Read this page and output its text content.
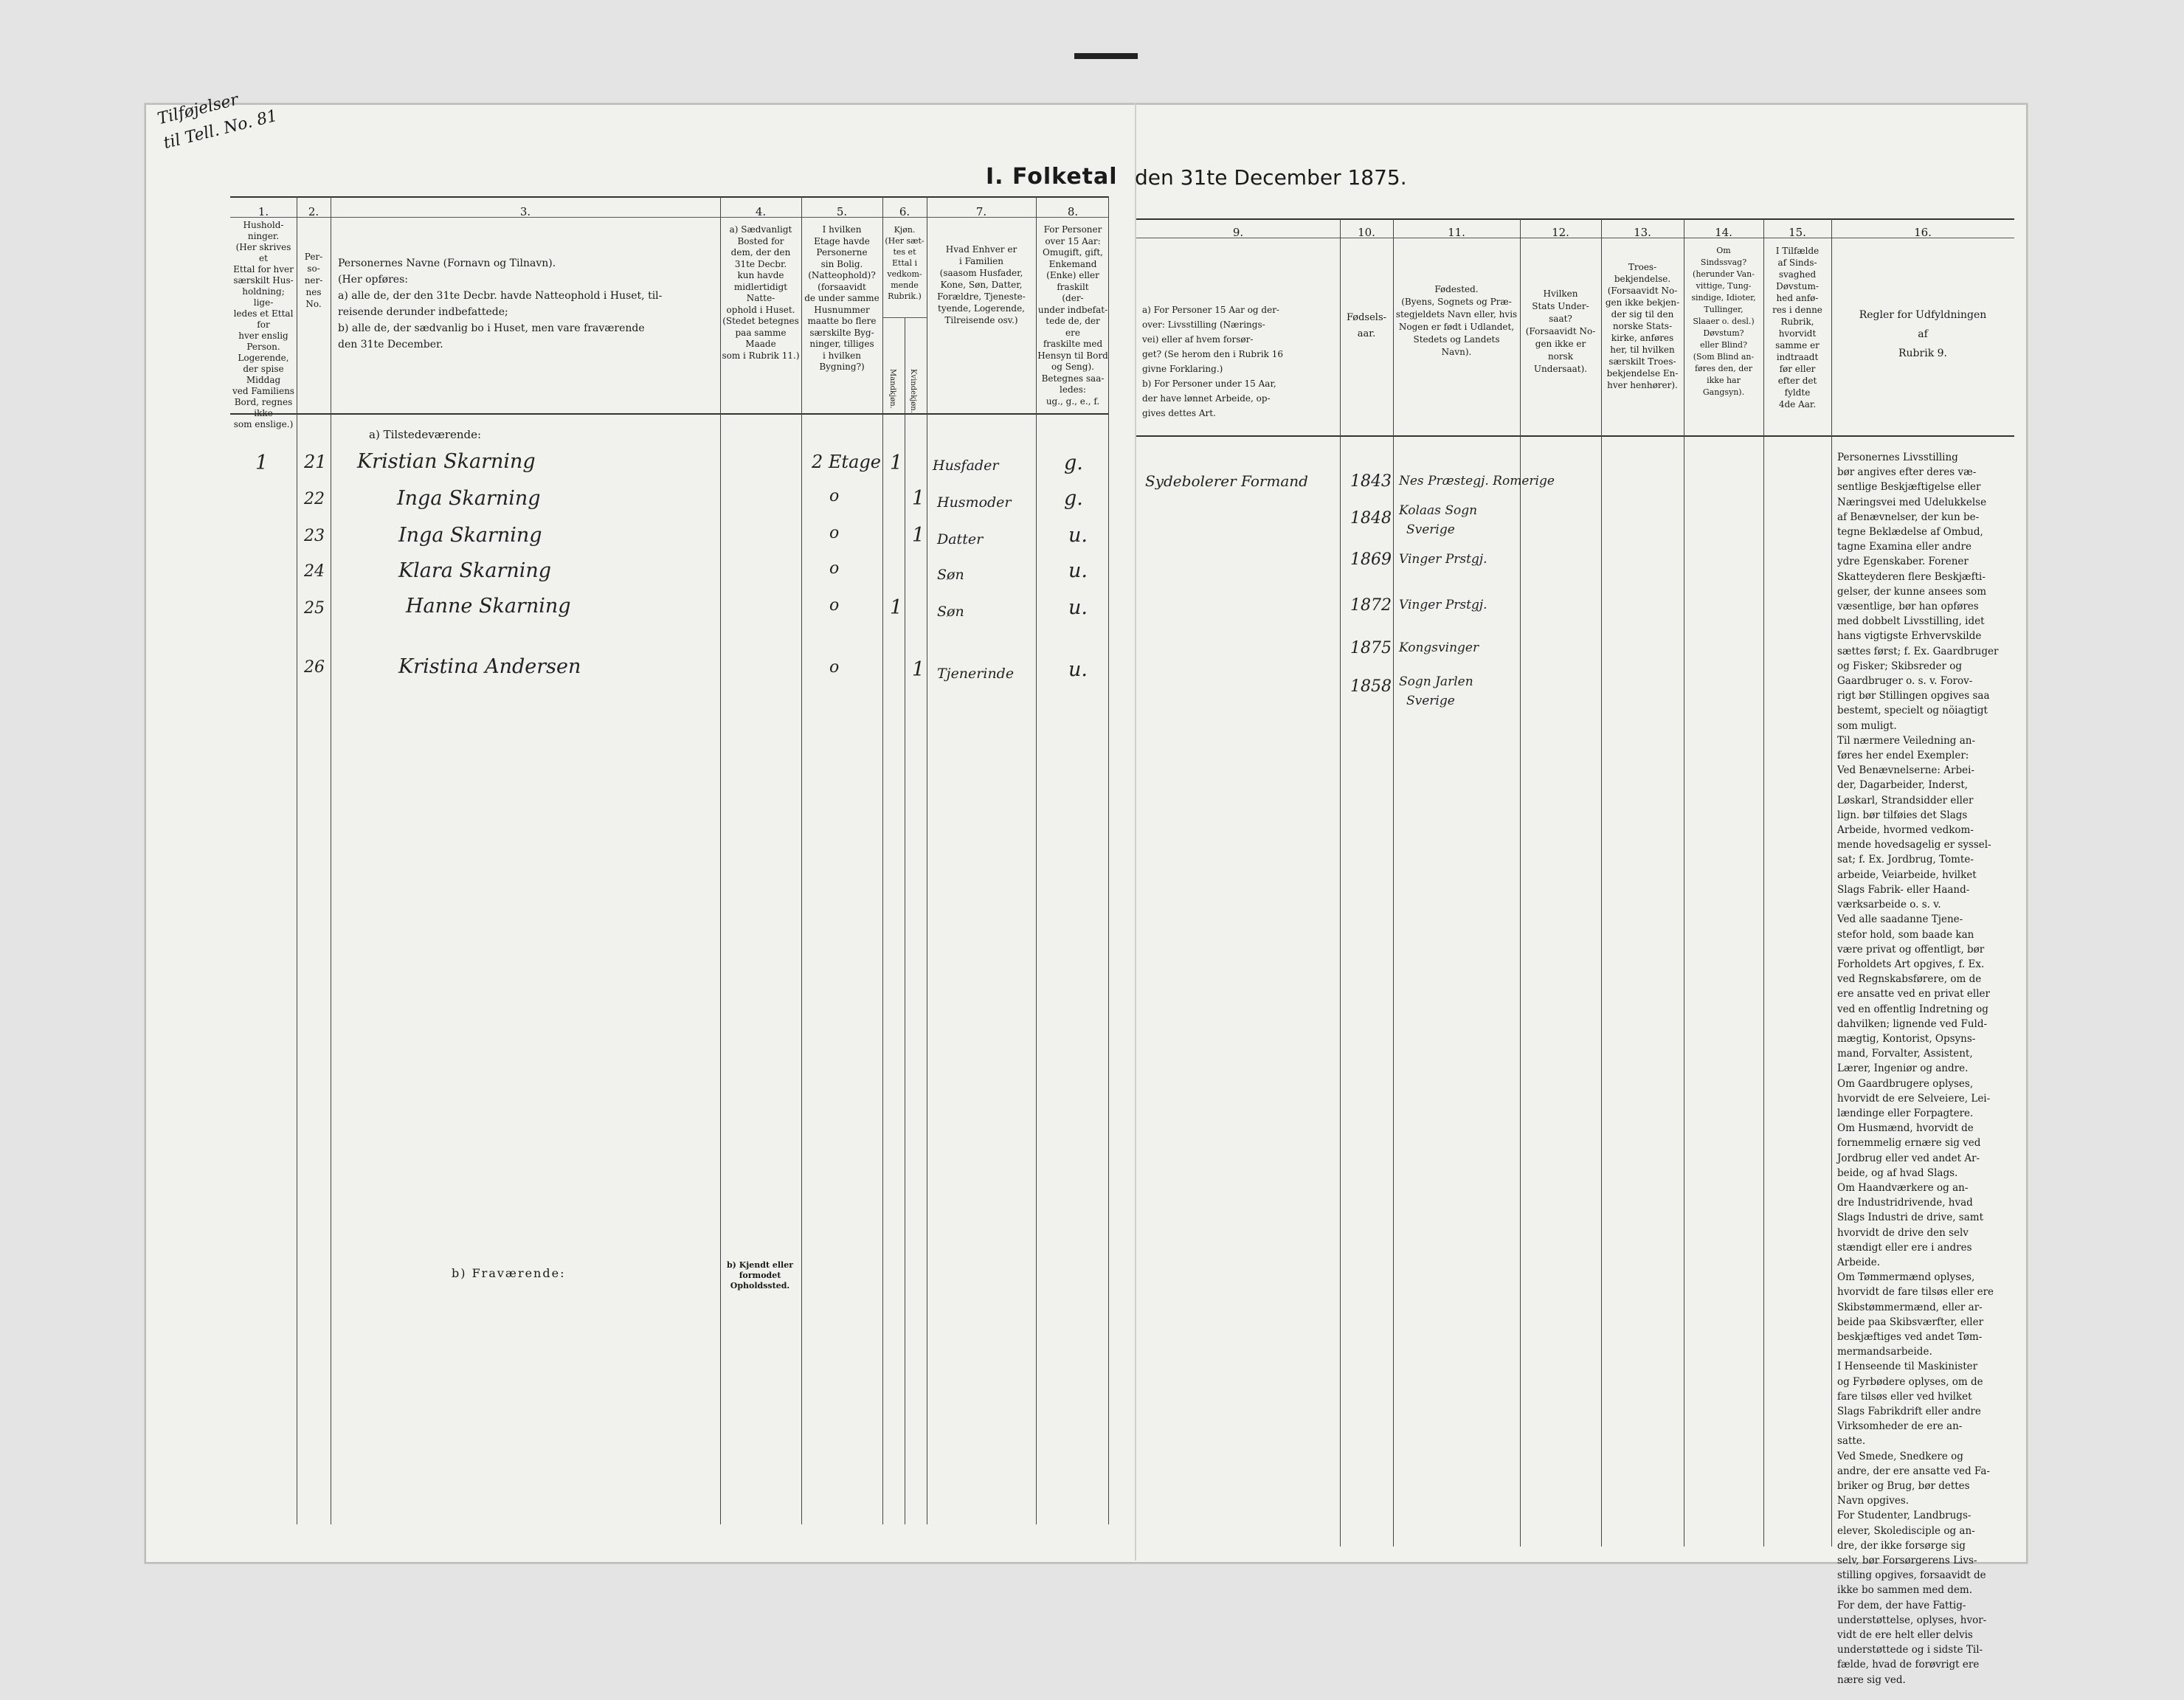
Tilføjelser
til Tell. No. 81
I. Folketal den 31te December 1875.
1.	2.	3.	4.	5.	6.	7.	8.
9.	10.	11.	12.	13.	14.	15.	16.
Hushold-
ninger.
(Her skrives et
Ettal for hver
særskilt Hus-
holdning; lige-
ledes et Ettal for
hver enslig
Person.
Logerende,
der spise Middag
ved Familiens
Bord, regnes ikke
som enslige.)
Per-
so-
ner-
nes
No.
Personernes Navne (Fornavn og Tilnavn).
(Her opføres:
a) alle de, der den 31te Decbr. havde Natteophold i Huset, til-
reisende derunder indbefattede;
b) alle de, der sædvanlig bo i Huset, men vare fraværende
den 31te December.
a) Sædvanligt
Bosted for
dem, der den
31te Decbr.
kun havde
midlertidigt
Natte-
ophold i Huset.
(Stedet betegnes
paa samme Maade
som i Rubrik 11.)
I hvilken
Etage havde
Personerne
sin Bolig.
(Natteophold)?
(forsaavidt
de under samme
Husnummer
maatte bo flere
særskilte Byg-
ninger, tilliges
i hvilken
Bygning?)
Kjøn.
(Her sæt-
tes et
Ettal i
vedkom-
mende
Rubrik.)
Mandkjøn. Kvindekjøn.
Hvad Enhver er
i Familien
(saasom Husfader,
Kone, Søn, Datter,
Forældre, Tjeneste-
tyende, Logerende,
Tilreisende osv.)
For Personer
over 15 Aar:
Omugift, gift,
Enkemand
(Enke) eller
fraskilt
(der-
under indbefat-
tede de, der ere
fraskilte med
Hensyn til Bord
og Seng).
Betegnes saa-
ledes:
ug., g., e., f.
a) For Personer 15 Aar og der-
over: Livsstilling (Nærings-
vei) eller af hvem forsør-
get? (Se herom den i Rubrik 16
givne Forklaring.)
b) For Personer under 15 Aar,
der have lønnet Arbeide, op-
gives dettes Art.
Fødsels-
aar.
Fødested.
(Byens, Sognets og Præ-
stegjeldets Navn eller, hvis
Nogen er født i Udlandet,
Stedets og Landets
Navn).
Hvilken
Stats Under-
saat?
(Forsaavidt No-
gen ikke er
norsk
Undersaat).
Troes-
bekjendelse.
(Forsaavidt No-
gen ikke bekjen-
der sig til den
norske Stats-
kirke, anføres
her, til hvilken
særskilt Troes-
bekjendelse En-
hver henhører).
Om
Sindssvag?
(herunder Van-
vittige, Tung-
sindige, Idioter,
Tullinger,
Slaaer o. desl.)
Døvstum?
eller Blind?
(Som Blind an-
føres den, der
ikke har
Gangsyn).
I Tilfælde
af Sinds-
svaghed
Døvstum-
hed anfø-
res i denne
Rubrik,
hvorvidt
samme er
indtraadt
før eller
efter det
fyldte
4de Aar.
Regler for Udfyldningen
af
Rubrik 9.
a) Tilstedeværende:
b) Fraværende:
b) Kjendt eller
formodet
Opholdssted.
1 21 Kristian Skarning	2 Etage 1 Husfader	g.
22	Inga Skarning	o	1 Husmoder	g.
23	Inga Skarning	o	1 Datter	u.
24	Klara Skarning	o	Søn	u.
25	Hanne Skarning	o	1 Søn	u.
26	Kristina Andersen	o	1 Tjenerinde	u.
Sydebolerer Formand	1843 Nes Præstegj. Romerige
1848 Kolaas Sogn
Sverige
1869 Vinger Prstgj.
1872 Vinger Prstgj.
1875 Kongsvinger
1858 Sogn Jarlen
Sverige
Personernes Livsstilling
bør angives efter deres væ-
sentlige Beskjæftigelse eller
Næringsvei med Udelukkelse
af Benævnelser, der kun be-
tegne Beklædelse af Ombud,
tagne Examina eller andre
ydre Egenskaber. Forener
Skatteyderen flere Beskjæfti-
gelser, der kunne ansees som
væsentlige, bør han opføres
med dobbelt Livsstilling, idet
hans vigtigste Erhvervskilde
sættes først; f. Ex. Gaardbruger
og Fisker; Skibsreder og
Gaardbruger o. s. v. Forov-
rigt bør Stillingen opgives saa
bestemt, specielt og nöiagtigt
som muligt.
Til nærmere Veiledning an-
føres her endel Exempler:
Ved Benævnelserne: Arbei-
der, Dagarbeider, Inderst,
Løskarl, Strandsidder eller
lign. bør tilføies det Slags
Arbeide, hvormed vedkom-
mende hovedsagelig er syssel-
sat; f. Ex. Jordbrug, Tomte-
arbeide, Veiarbeide, hvilket
Slags Fabrik- eller Haand-
værksarbeide o. s. v.
Ved alle saadanne Tjene-
stefor hold, som baade kan
være privat og offentligt, bør
Forholdets Art opgives, f. Ex.
ved Regnskabsførere, om de
ere ansatte ved en privat eller
ved en offentlig Indretning og
dahvilken; lignende ved Fuld-
mægtig, Kontorist, Opsyns-
mand, Forvalter, Assistent,
Lærer, Ingeniør og andre.
Om Gaardbrugere oplyses,
hvorvidt de ere Selveiere, Lei-
lændinge eller Forpagtere.
Om Husmænd, hvorvidt de
fornemmelig ernære sig ved
Jordbrug eller ved andet Ar-
beide, og af hvad Slags.
Om Haandværkere og an-
dre Industridrivende, hvad
Slags Industri de drive, samt
hvorvidt de drive den selv
stændigt eller ere i andres
Arbeide.
Om Tømmermænd oplyses,
hvorvidt de fare tilsøs eller ere
Skibstømmermænd, eller ar-
beide paa Skibsværfter, eller
beskjæftiges ved andet Tøm-
mermandsarbeide.
I Henseende til Maskinister
og Fyrbødere oplyses, om de
fare tilsøs eller ved hvilket
Slags Fabrikdrift eller andre
Virksomheder de ere an-
satte.
Ved Smede, Snedkere og
andre, der ere ansatte ved Fa-
briker og Brug, bør dettes
Navn opgives.
For Studenter, Landbrugs-
elever, Skoledisciple og an-
dre, der ikke forsørge sig
selv, bør Forsørgerens Livs-
stilling opgives, forsaavidt de
ikke bo sammen med dem.
For dem, der have Fattig-
understøttelse, oplyses, hvor-
vidt de ere helt eller delvis
understøttede og i sidste Til-
fælde, hvad de forøvrigt ere
nære sig ved.
